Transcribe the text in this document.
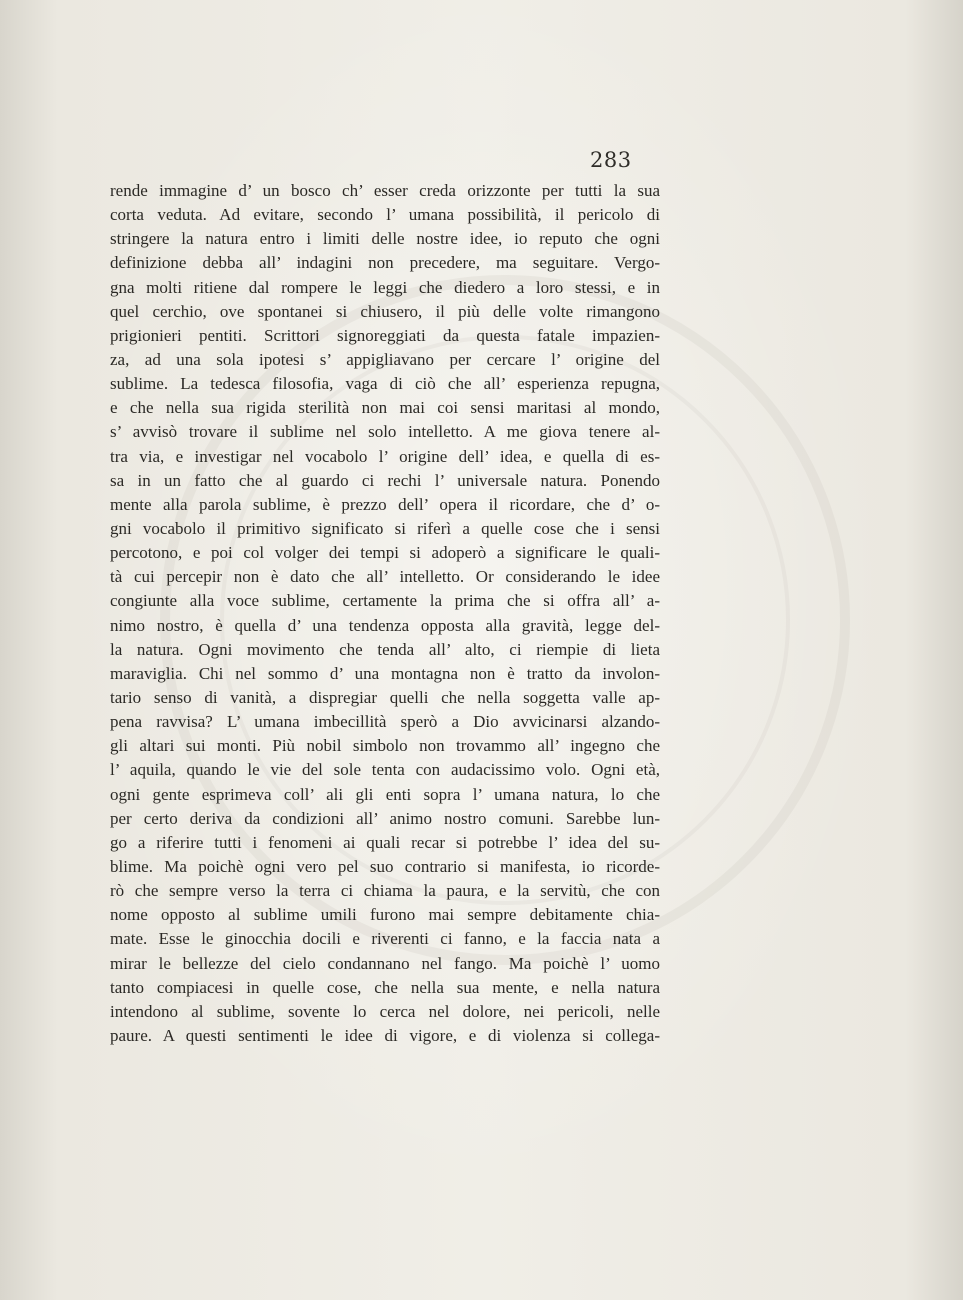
283
rende immagine d’ un bosco ch’ esser creda orizzonte per tutti la sua
corta veduta. Ad evitare, secondo l’ umana possibilità, il pericolo di
stringere la natura entro i limiti delle nostre idee, io reputo che ogni
definizione debba all’ indagini non precedere, ma seguitare. Vergo-
gna molti ritiene dal rompere le leggi che diedero a loro stessi, e in
quel cerchio, ove spontanei si chiusero, il più delle volte rimangono
prigionieri pentiti. Scrittori signoreggiati da questa fatale impazien-
za, ad una sola ipotesi s’ appigliavano per cercare l’ origine del
sublime. La tedesca filosofia, vaga di ciò che all’ esperienza repugna,
e che nella sua rigida sterilità non mai coi sensi maritasi al mondo,
s’ avvisò trovare il sublime nel solo intelletto. A me giova tenere al-
tra via, e investigar nel vocabolo l’ origine dell’ idea, e quella di es-
sa in un fatto che al guardo ci rechi l’ universale natura. Ponendo
mente alla parola sublime, è prezzo dell’ opera il ricordare, che d’ o-
gni vocabolo il primitivo significato si riferì a quelle cose che i sensi
percotono, e poi col volger dei tempi si adoperò a significare le quali-
tà cui percepir non è dato che all’ intelletto. Or considerando le idee
congiunte alla voce sublime, certamente la prima che si offra all’ a-
nimo nostro, è quella d’ una tendenza opposta alla gravità, legge del-
la natura. Ogni movimento che tenda all’ alto, ci riempie di lieta
maraviglia. Chi nel sommo d’ una montagna non è tratto da involon-
tario senso di vanità, a dispregiar quelli che nella soggetta valle ap-
pena ravvisa? L’ umana imbecillità sperò a Dio avvicinarsi alzando-
gli altari sui monti. Più nobil simbolo non trovammo all’ ingegno che
l’ aquila, quando le vie del sole tenta con audacissimo volo. Ogni età,
ogni gente esprimeva coll’ ali gli enti sopra l’ umana natura, lo che
per certo deriva da condizioni all’ animo nostro comuni. Sarebbe lun-
go a riferire tutti i fenomeni ai quali recar si potrebbe l’ idea del su-
blime. Ma poichè ogni vero pel suo contrario si manifesta, io ricorde-
rò che sempre verso la terra ci chiama la paura, e la servitù, che con
nome opposto al sublime umili furono mai sempre debitamente chia-
mate. Esse le ginocchia docili e riverenti ci fanno, e la faccia nata a
mirar le bellezze del cielo condannano nel fango. Ma poichè l’ uomo
tanto compiacesi in quelle cose, che nella sua mente, e nella natura
intendono al sublime, sovente lo cerca nel dolore, nei pericoli, nelle
paure. A questi sentimenti le idee di vigore, e di violenza si collega-
